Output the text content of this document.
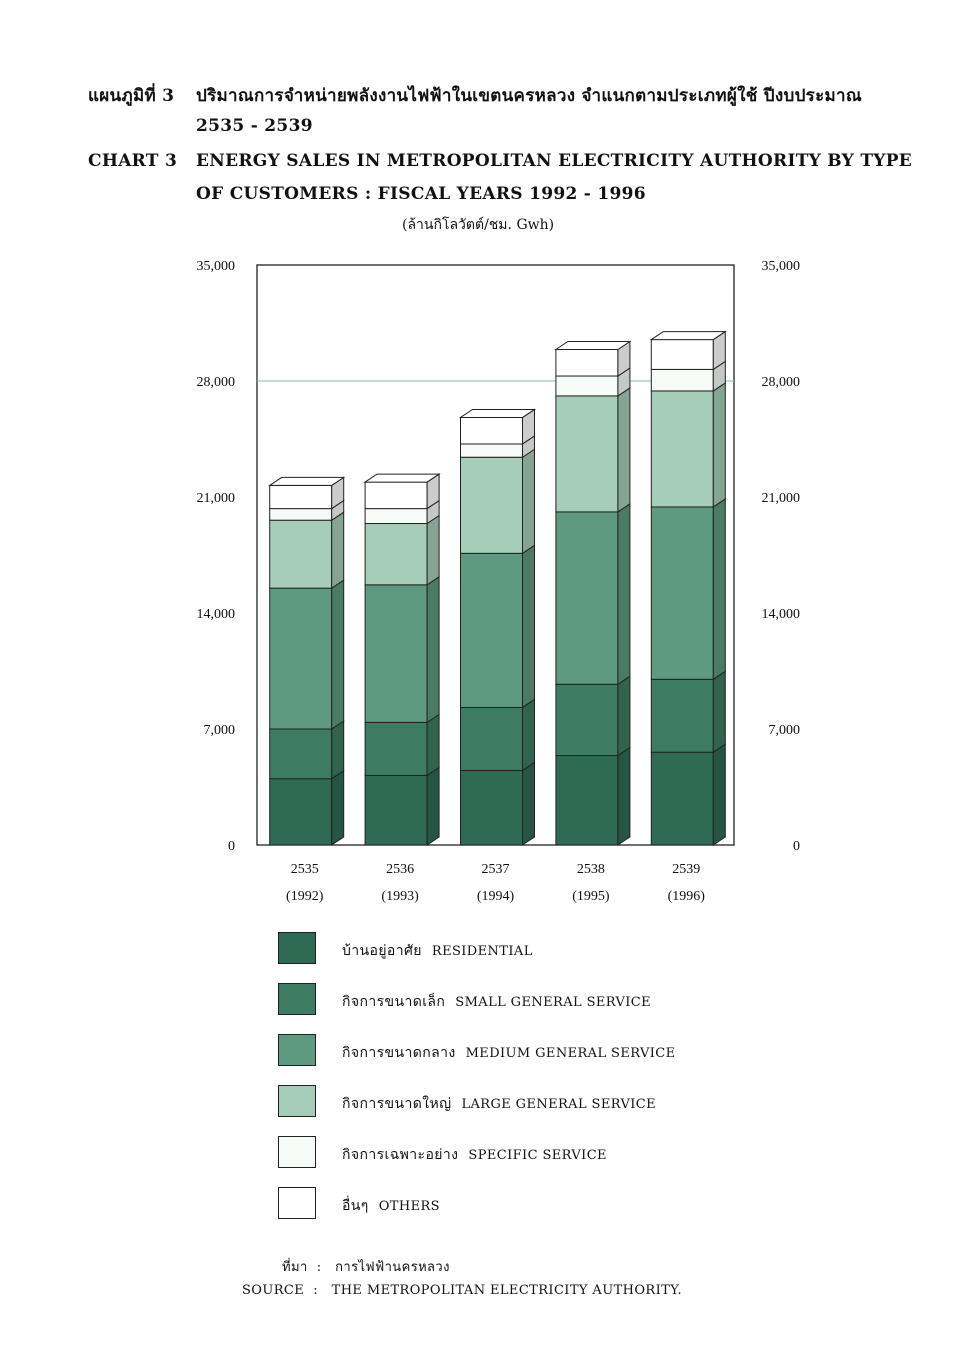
แผนภูมิที่ 3 ปริมาณการจำหน่ายพลังงานไฟฟ้าในเขตนครหลวง จำแนกตามประเภทผู้ใช้ ปีงบประมาณ
2535 - 2539
CHART 3 ENERGY SALES IN METROPOLITAN ELECTRICITY AUTHORITY BY TYPE
OF CUSTOMERS : FISCAL YEARS 1992 - 1996
(ล้านกิโลวัตต์/ชม. Gwh)
0	0
7,000	7,000
14,000	14,000
21,000	21,000
28,000	28,000
35,000	35,000
2535
(1992)
2536
(1993)
2537
(1994)
2538
(1995)
2539
(1996)
บ้านอยู่อาศัย RESIDENTIAL
กิจการขนาดเล็ก SMALL GENERAL SERVICE
กิจการขนาดกลาง MEDIUM GENERAL SERVICE
กิจการขนาดใหญ่ LARGE GENERAL SERVICE
กิจการเฉพาะอย่าง SPECIFIC SERVICE
อื่นๆ OTHERS
ที่มา : การไฟฟ้านครหลวง
SOURCE : THE METROPOLITAN ELECTRICITY AUTHORITY.
